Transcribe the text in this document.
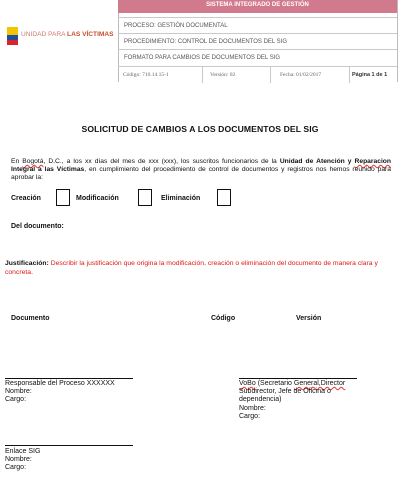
UNIDAD PARA LAS VÍCTIMAS
SISTEMA INTEGRADO DE GESTIÓN
PROCESO: GESTIÓN DOCUMENTAL
PROCEDIMIENTO: CONTROL DE DOCUMENTOS DEL SIG
FORMATO PARA CAMBIOS DE DOCUMENTOS DEL SIG
Código: 710.14.15-1	Versión: 02	Fecha: 01/02/2017	Página 1 de 1
SOLICITUD DE CAMBIOS A LOS DOCUMENTOS DEL SIG
En Bogotá, D.C., a los xx días del mes de xxx (xxx), los suscritos funcionarios de la Unidad de Atención y Reparacion Integral a las Víctimas, en cumplimiento del procedimiento de control de documentos y registros nos hemos reunido para aprobar la:
Creación	Modificación	Eliminación
Del documento:
Justificación: Describir la justificación que origina la modificación, creación o eliminación del documento de manera clara y concreta.
Documento	Código	Versión
Responsable del Proceso XXXXXX
Nombre:
Cargo:
VoBo (Secretario General,Director Subdirector, Jefe de Oficina o dependencia)
Nombre:
Cargo:
Enlace SIG
Nombre:
Cargo:
